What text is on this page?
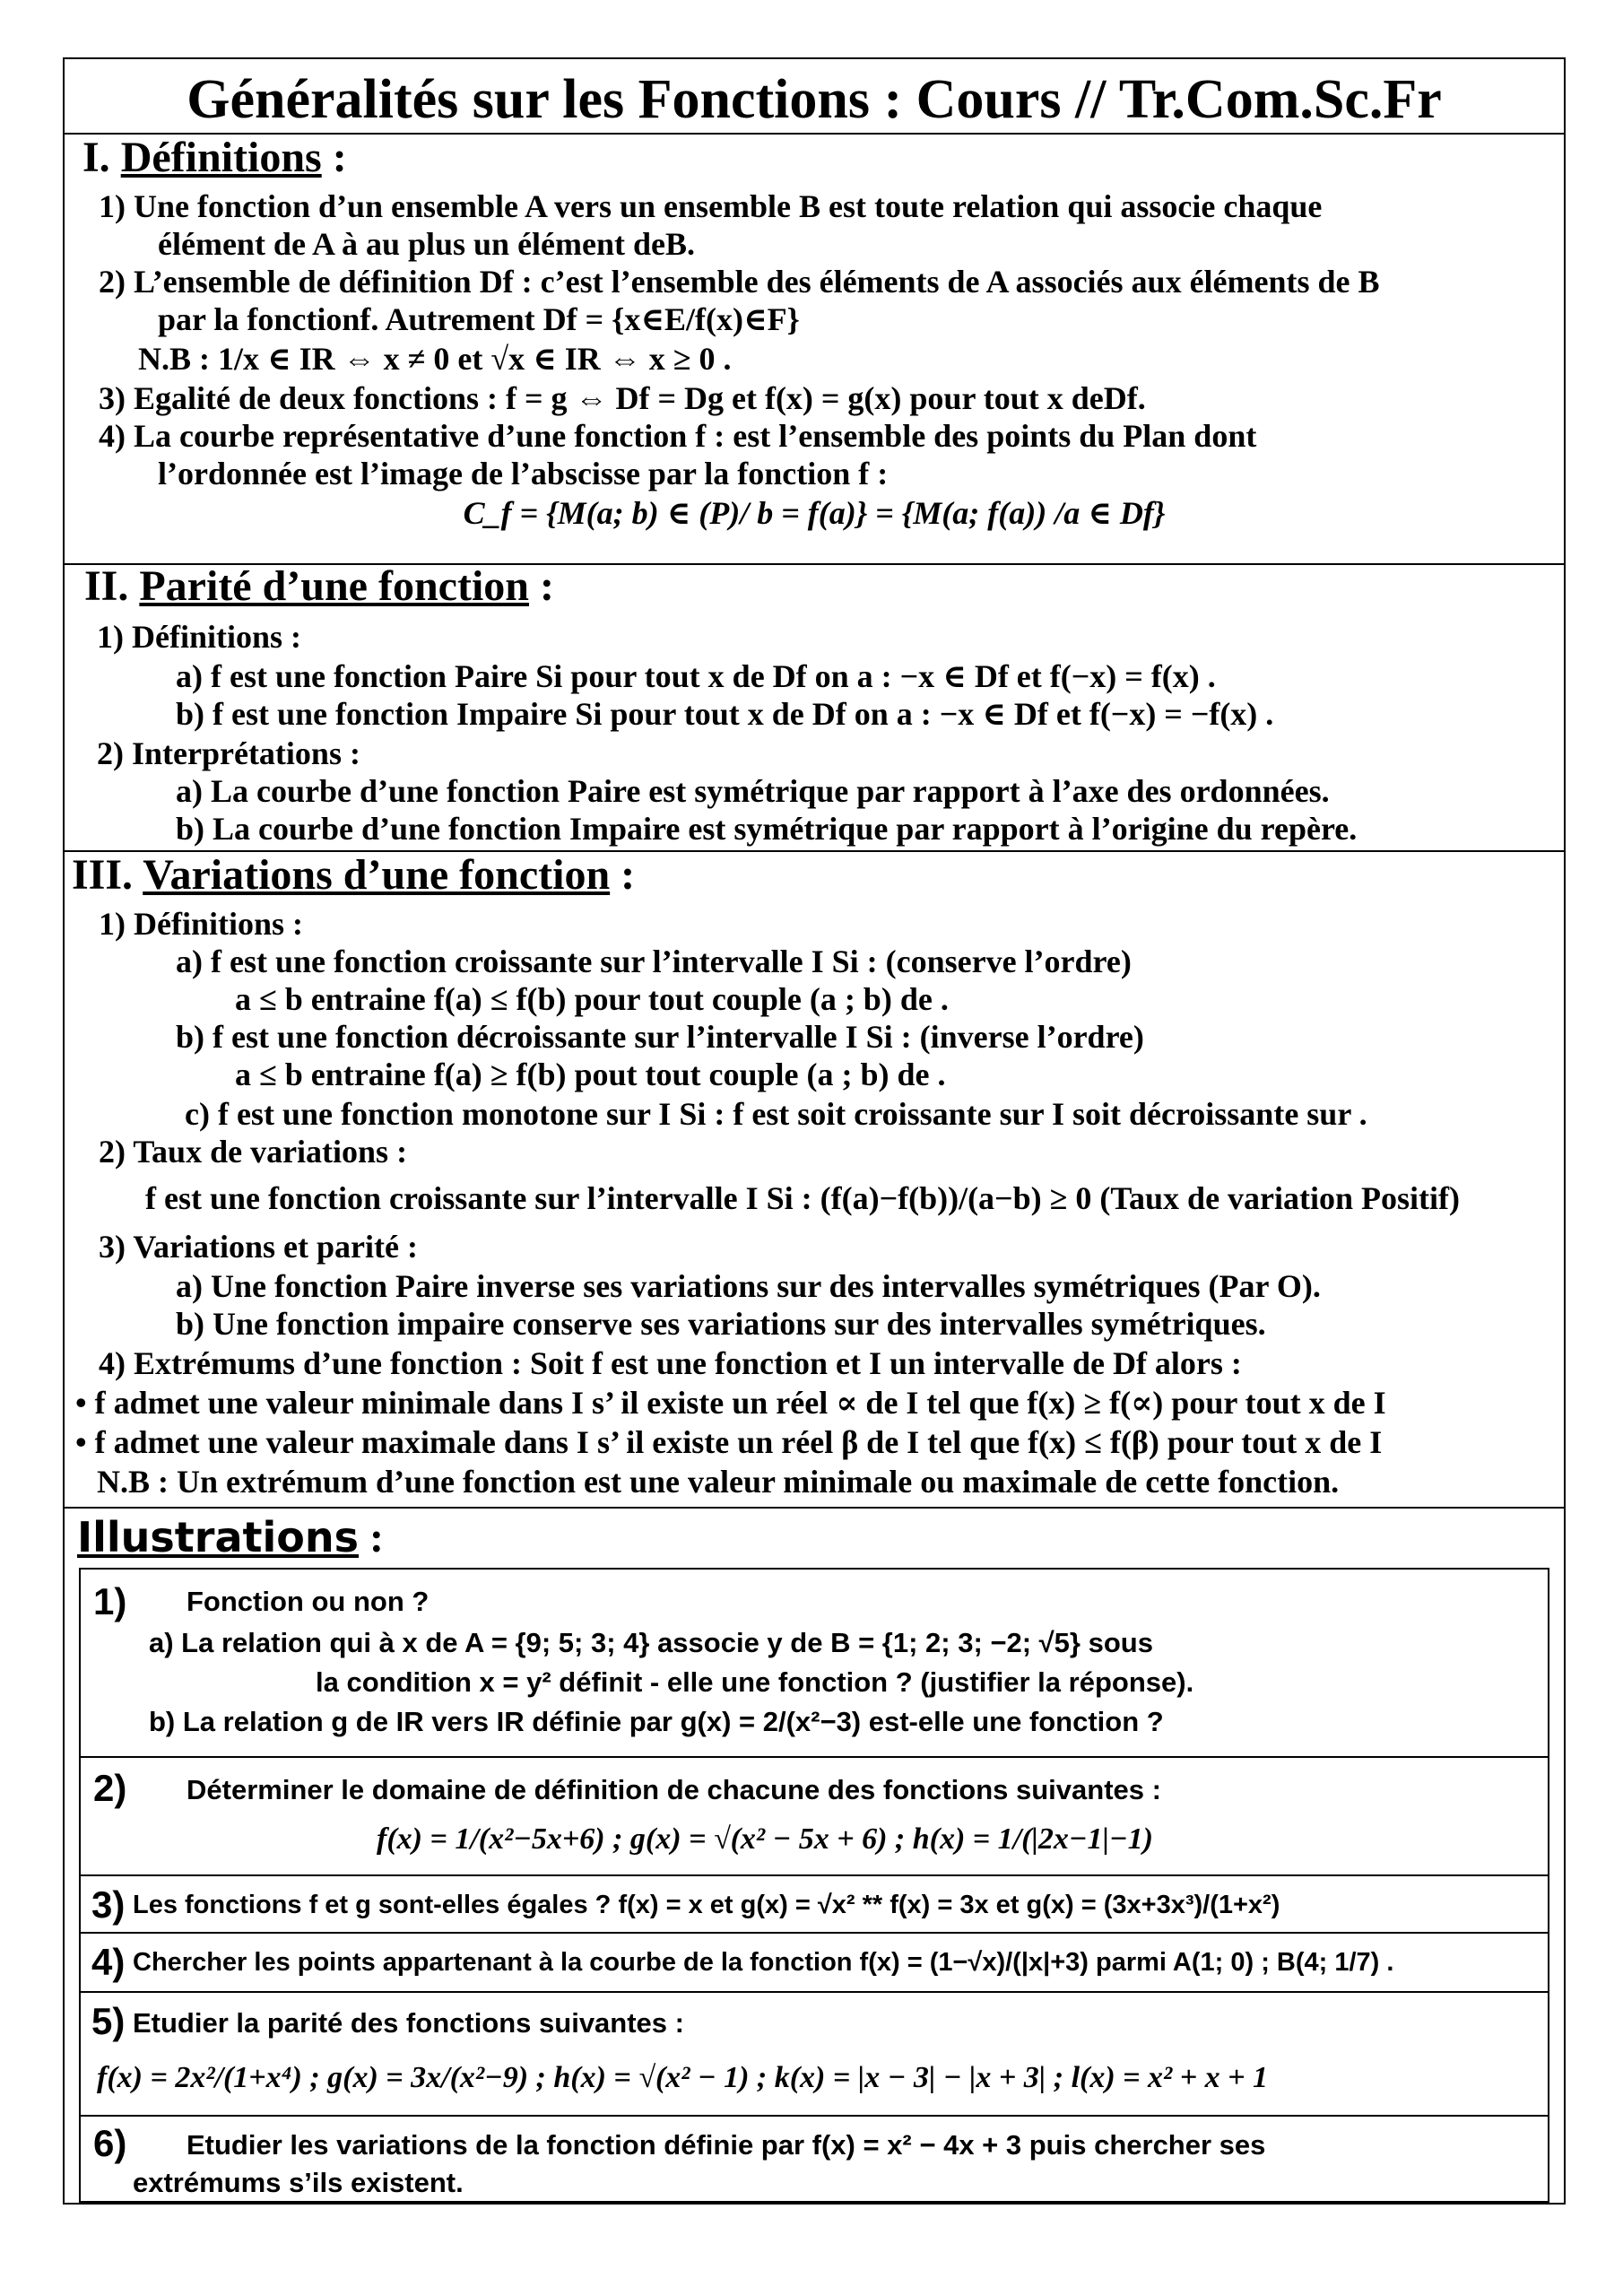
Généralités sur les Fonctions : Cours // Tr.Com.Sc.Fr
I. Définitions :
1) Une fonction d’un ensemble A vers un ensemble B est toute relation qui associe chaque
élément de A à au plus un élément deB.
2) L’ensemble de définition Df : c’est l’ensemble des éléments de A associés aux éléments de B
par la fonctionf. Autrement Df = {x∈E/f(x)∈F}
N.B : 1/x ∈ IR ⇔ x ≠ 0 et √x ∈ IR ⇔ x ≥ 0 .
3) Egalité de deux fonctions : f = g ⇔ Df = Dg et f(x) = g(x) pour tout x deDf.
4) La courbe représentative d’une fonction f : est l’ensemble des points du Plan dont
l’ordonnée est l’image de l’abscisse par la fonction f :
C_f = {M(a; b) ∈ (P)/ b = f(a)} = {M(a; f(a)) /a ∈ Df}
II. Parité d’une fonction :
1) Définitions :
a) f est une fonction Paire Si pour tout x de Df on a : −x ∈ Df et f(−x) = f(x) .
b) f est une fonction Impaire Si pour tout x de Df on a : −x ∈ Df et f(−x) = −f(x) .
2) Interprétations :
a) La courbe d’une fonction Paire est symétrique par rapport à l’axe des ordonnées.
b) La courbe d’une fonction Impaire est symétrique par rapport à l’origine du repère.
III. Variations d’une fonction :
1) Définitions :
a) f est une fonction croissante sur l’intervalle I Si : (conserve l’ordre)
a ≤ b entraine f(a) ≤ f(b) pour tout couple (a ; b) de .
b) f est une fonction décroissante sur l’intervalle I Si : (inverse l’ordre)
a ≤ b entraine f(a) ≥ f(b) pout tout couple (a ; b) de .
c) f est une fonction monotone sur I Si : f est soit croissante sur I soit décroissante sur .
2) Taux de variations :
f est une fonction croissante sur l’intervalle I Si : (f(a)−f(b))/(a−b) ≥ 0 (Taux de variation Positif)
3) Variations et parité :
a) Une fonction Paire inverse ses variations sur des intervalles symétriques (Par O).
b) Une fonction impaire conserve ses variations sur des intervalles symétriques.
4) Extrémums d’une fonction : Soit f est une fonction et I un intervalle de Df alors :
• f admet une valeur minimale dans I s’ il existe un réel ∝ de I tel que f(x) ≥ f(∝) pour tout x de I
• f admet une valeur maximale dans I s’ il existe un réel β de I tel que f(x) ≤ f(β) pour tout x de I
N.B : Un extrémum d’une fonction est une valeur minimale ou maximale de cette fonction.
Illustrations :
1) Fonction ou non ?
a) La relation qui à x de A = {9; 5; 3; 4} associe y de B = {1; 2; 3; −2; √5} sous
la condition x = y² définit - elle une fonction ? (justifier la réponse).
b) La relation g de IR vers IR définie par g(x) = 2/(x²−3) est-elle une fonction ?
2) Déterminer le domaine de définition de chacune des fonctions suivantes :
f(x) = 1/(x²−5x+6) ; g(x) = √(x² − 5x + 6) ; h(x) = 1/(|2x−1|−1)
3) Les fonctions f et g sont-elles égales ? f(x) = x et g(x) = √x² ** f(x) = 3x et g(x) = (3x+3x³)/(1+x²)
4) Chercher les points appartenant à la courbe de la fonction f(x) = (1−√x)/(|x|+3) parmi A(1; 0) ; B(4; 1/7) .
5) Etudier la parité des fonctions suivantes :
f(x) = 2x²/(1+x⁴) ; g(x) = 3x/(x²−9) ; h(x) = √(x² − 1) ; k(x) = |x − 3| − |x + 3| ; l(x) = x² + x + 1
6) Etudier les variations de la fonction définie par f(x) = x² − 4x + 3 puis chercher ses
extrémums s’ils existent.
